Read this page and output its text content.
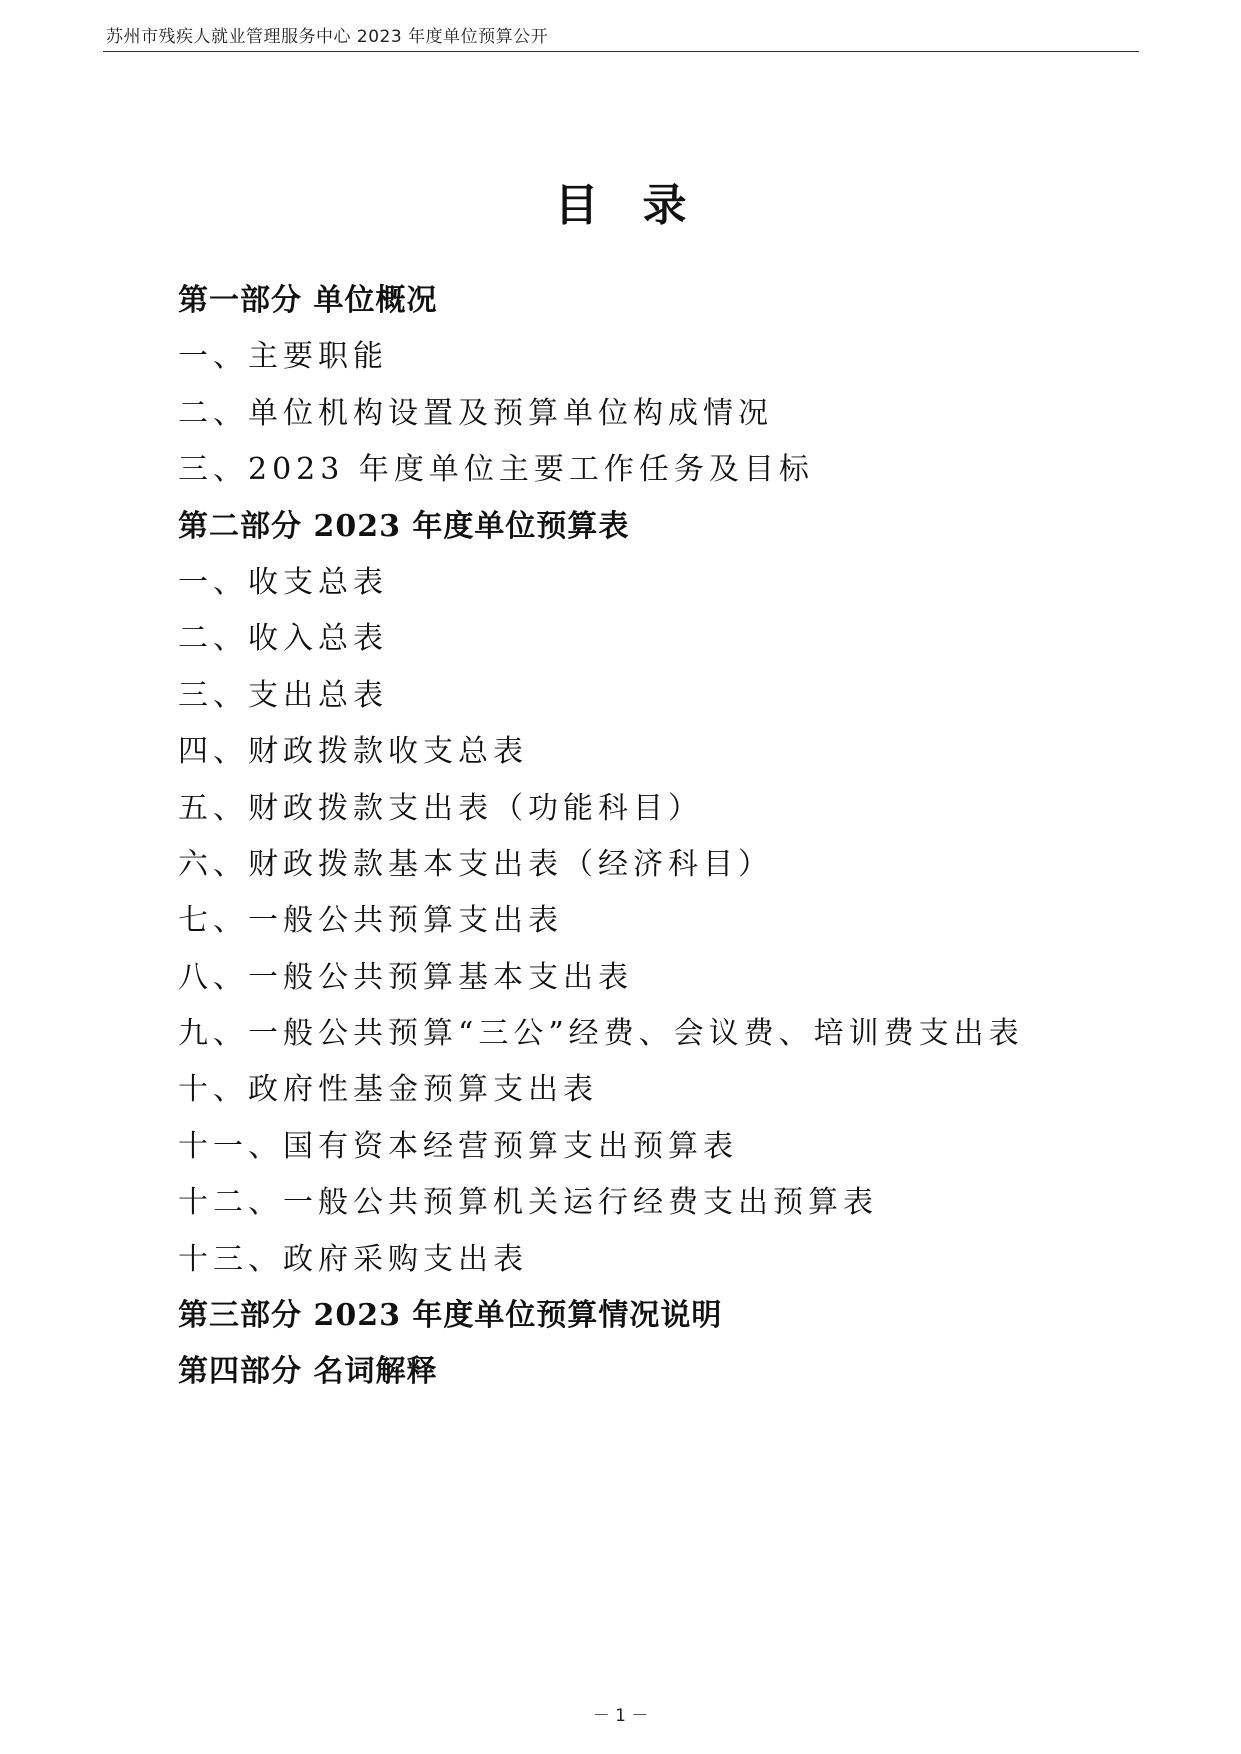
苏州市残疾人就业管理服务中心 2023 年度单位预算公开
目录
第一部分 单位概况
一、主要职能
二、单位机构设置及预算单位构成情况
三、2023 年度单位主要工作任务及目标
第二部分 2023 年度单位预算表
一、收支总表
二、收入总表
三、支出总表
四、财政拨款收支总表
五、财政拨款支出表（功能科目）
六、财政拨款基本支出表（经济科目）
七、一般公共预算支出表
八、一般公共预算基本支出表
九、一般公共预算“三公”经费、会议费、培训费支出表
十、政府性基金预算支出表
十一、国有资本经营预算支出预算表
十二、一般公共预算机关运行经费支出预算表
十三、政府采购支出表
第三部分 2023 年度单位预算情况说明
第四部分 名词解释
－ 1 －
